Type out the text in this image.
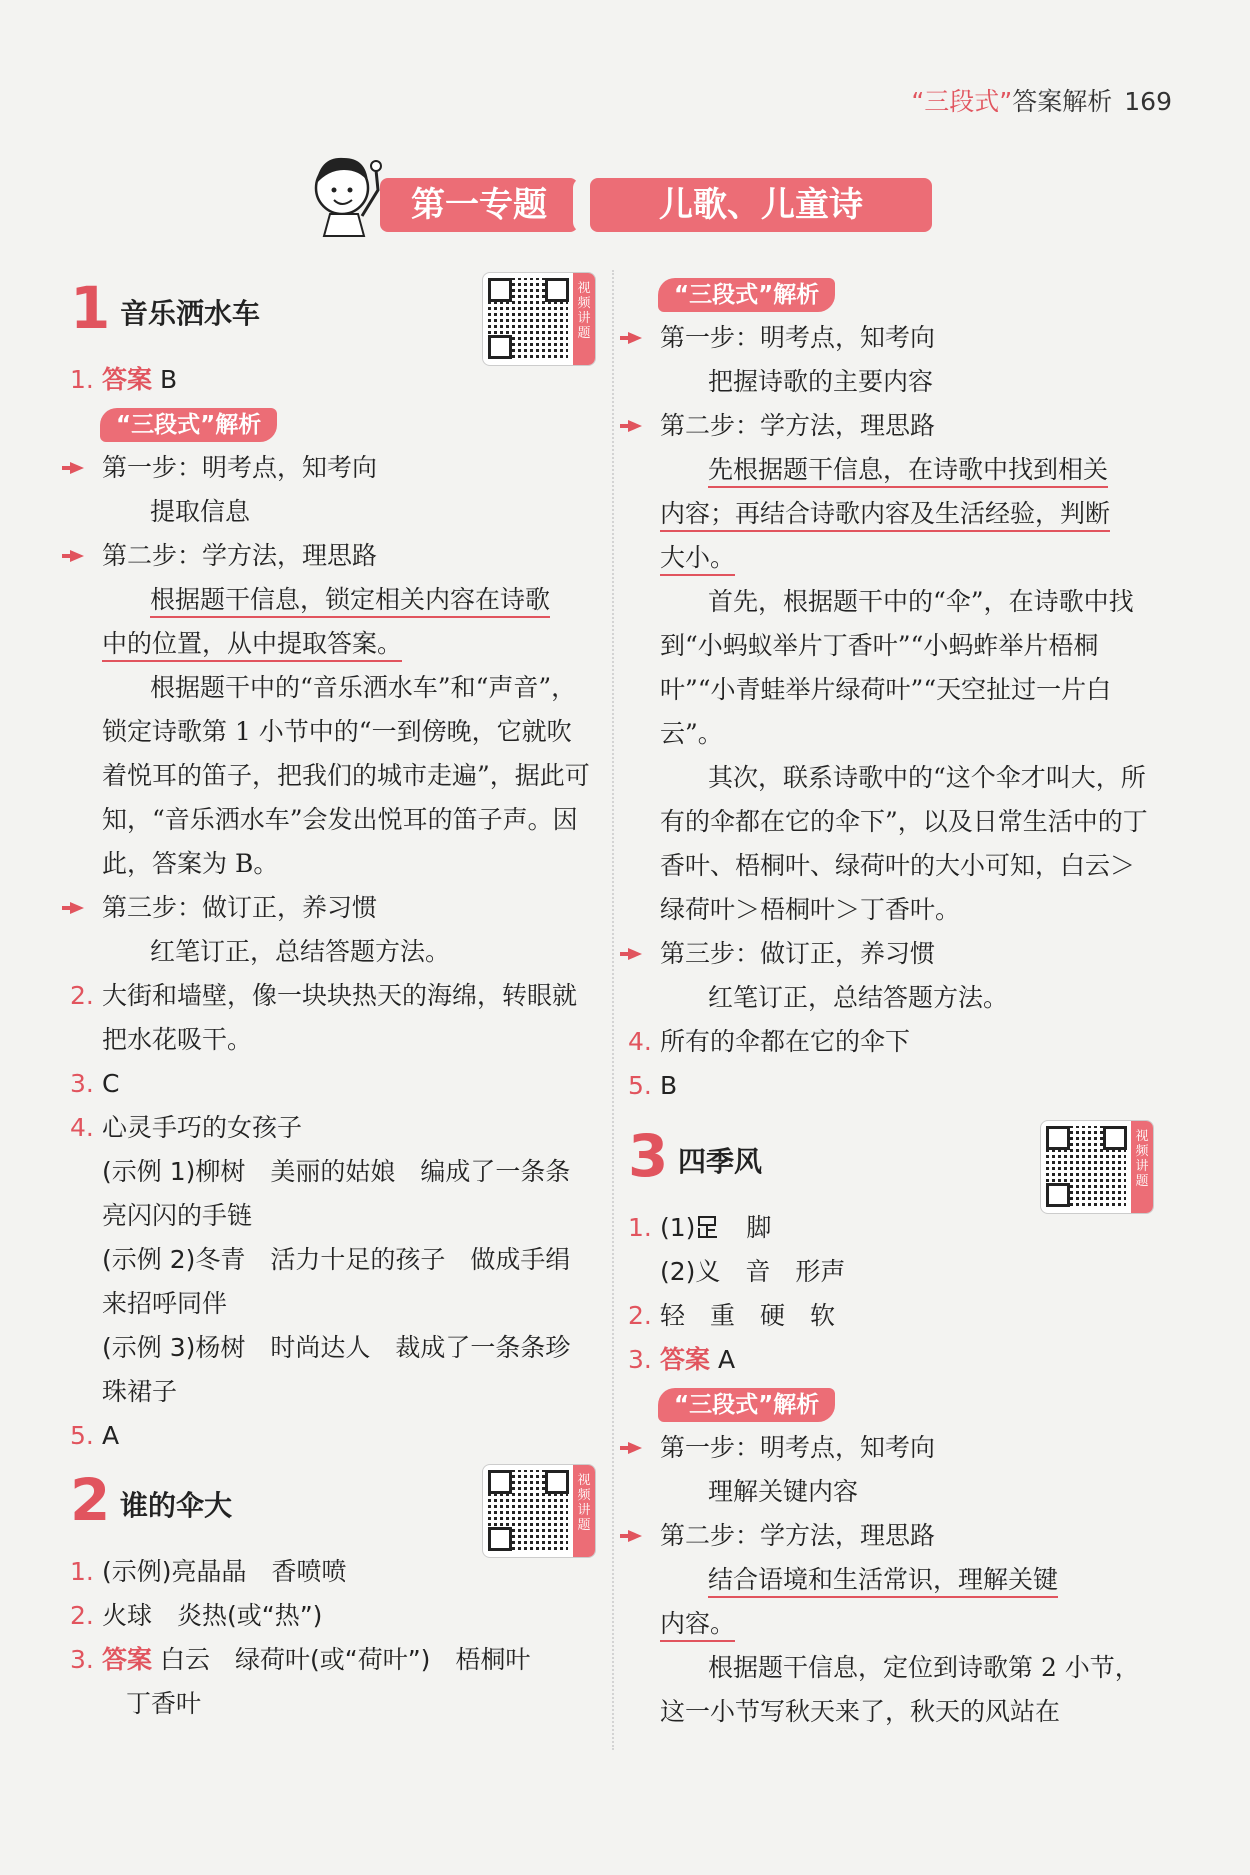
“三段式”答案解析 169
第一专题	儿歌、儿童诗
1 音乐洒水车
视频讲题
1. 答案 B
“三段式”解析
第一步：明考点，知考向
提取信息
第二步：学方法，理思路
根据题干信息，锁定相关内容在诗歌
中的位置，从中提取答案。
根据题干中的“音乐洒水车”和“声音”，锁定诗歌第 1 小节中的“一到傍晚，它就吹着悦耳的笛子，把我们的城市走遍”，据此可知，“音乐洒水车”会发出悦耳的笛子声。因此，答案为 B。
第三步：做订正，养习惯
红笔订正，总结答题方法。
2. 大街和墙壁，像一块块热天的海绵，转眼就把水花吸干。
3. C
4. 心灵手巧的女孩子
(示例 1)柳树　美丽的姑娘　编成了一条条亮闪闪的手链
(示例 2)冬青　活力十足的孩子　做成手绢来招呼同伴
(示例 3)杨树　时尚达人　裁成了一条条珍珠裙子
5. A
2 谁的伞大
视频讲题
1. (示例)亮晶晶　香喷喷
2. 火球　炎热(或“热”)
3. 答案 白云　绿荷叶(或“荷叶”)　梧桐叶
丁香叶
“三段式”解析
第一步：明考点，知考向
把握诗歌的主要内容
第二步：学方法，理思路
先根据题干信息，在诗歌中找到相关
内容；再结合诗歌内容及生活经验，判断
大小。
首先，根据题干中的“伞”，在诗歌中找到“小蚂蚁举片丁香叶”“小蚂蚱举片梧桐叶”“小青蛙举片绿荷叶”“天空扯过一片白云”。
其次，联系诗歌中的“这个伞才叫大，所有的伞都在它的伞下”，以及日常生活中的丁香叶、梧桐叶、绿荷叶的大小可知，白云＞绿荷叶＞梧桐叶＞丁香叶。
第三步：做订正，养习惯
红笔订正，总结答题方法。
4. 所有的伞都在它的伞下
5. B
3 四季风
视频讲题
1. (1)　脚
(2)义　音　形声
2. 轻　重　硬　软
3. 答案 A
“三段式”解析
第一步：明考点，知考向
理解关键内容
第二步：学方法，理思路
结合语境和生活常识，理解关键
内容。
根据题干信息，定位到诗歌第 2 小节，这一小节写秋天来了，秋天的风站在
